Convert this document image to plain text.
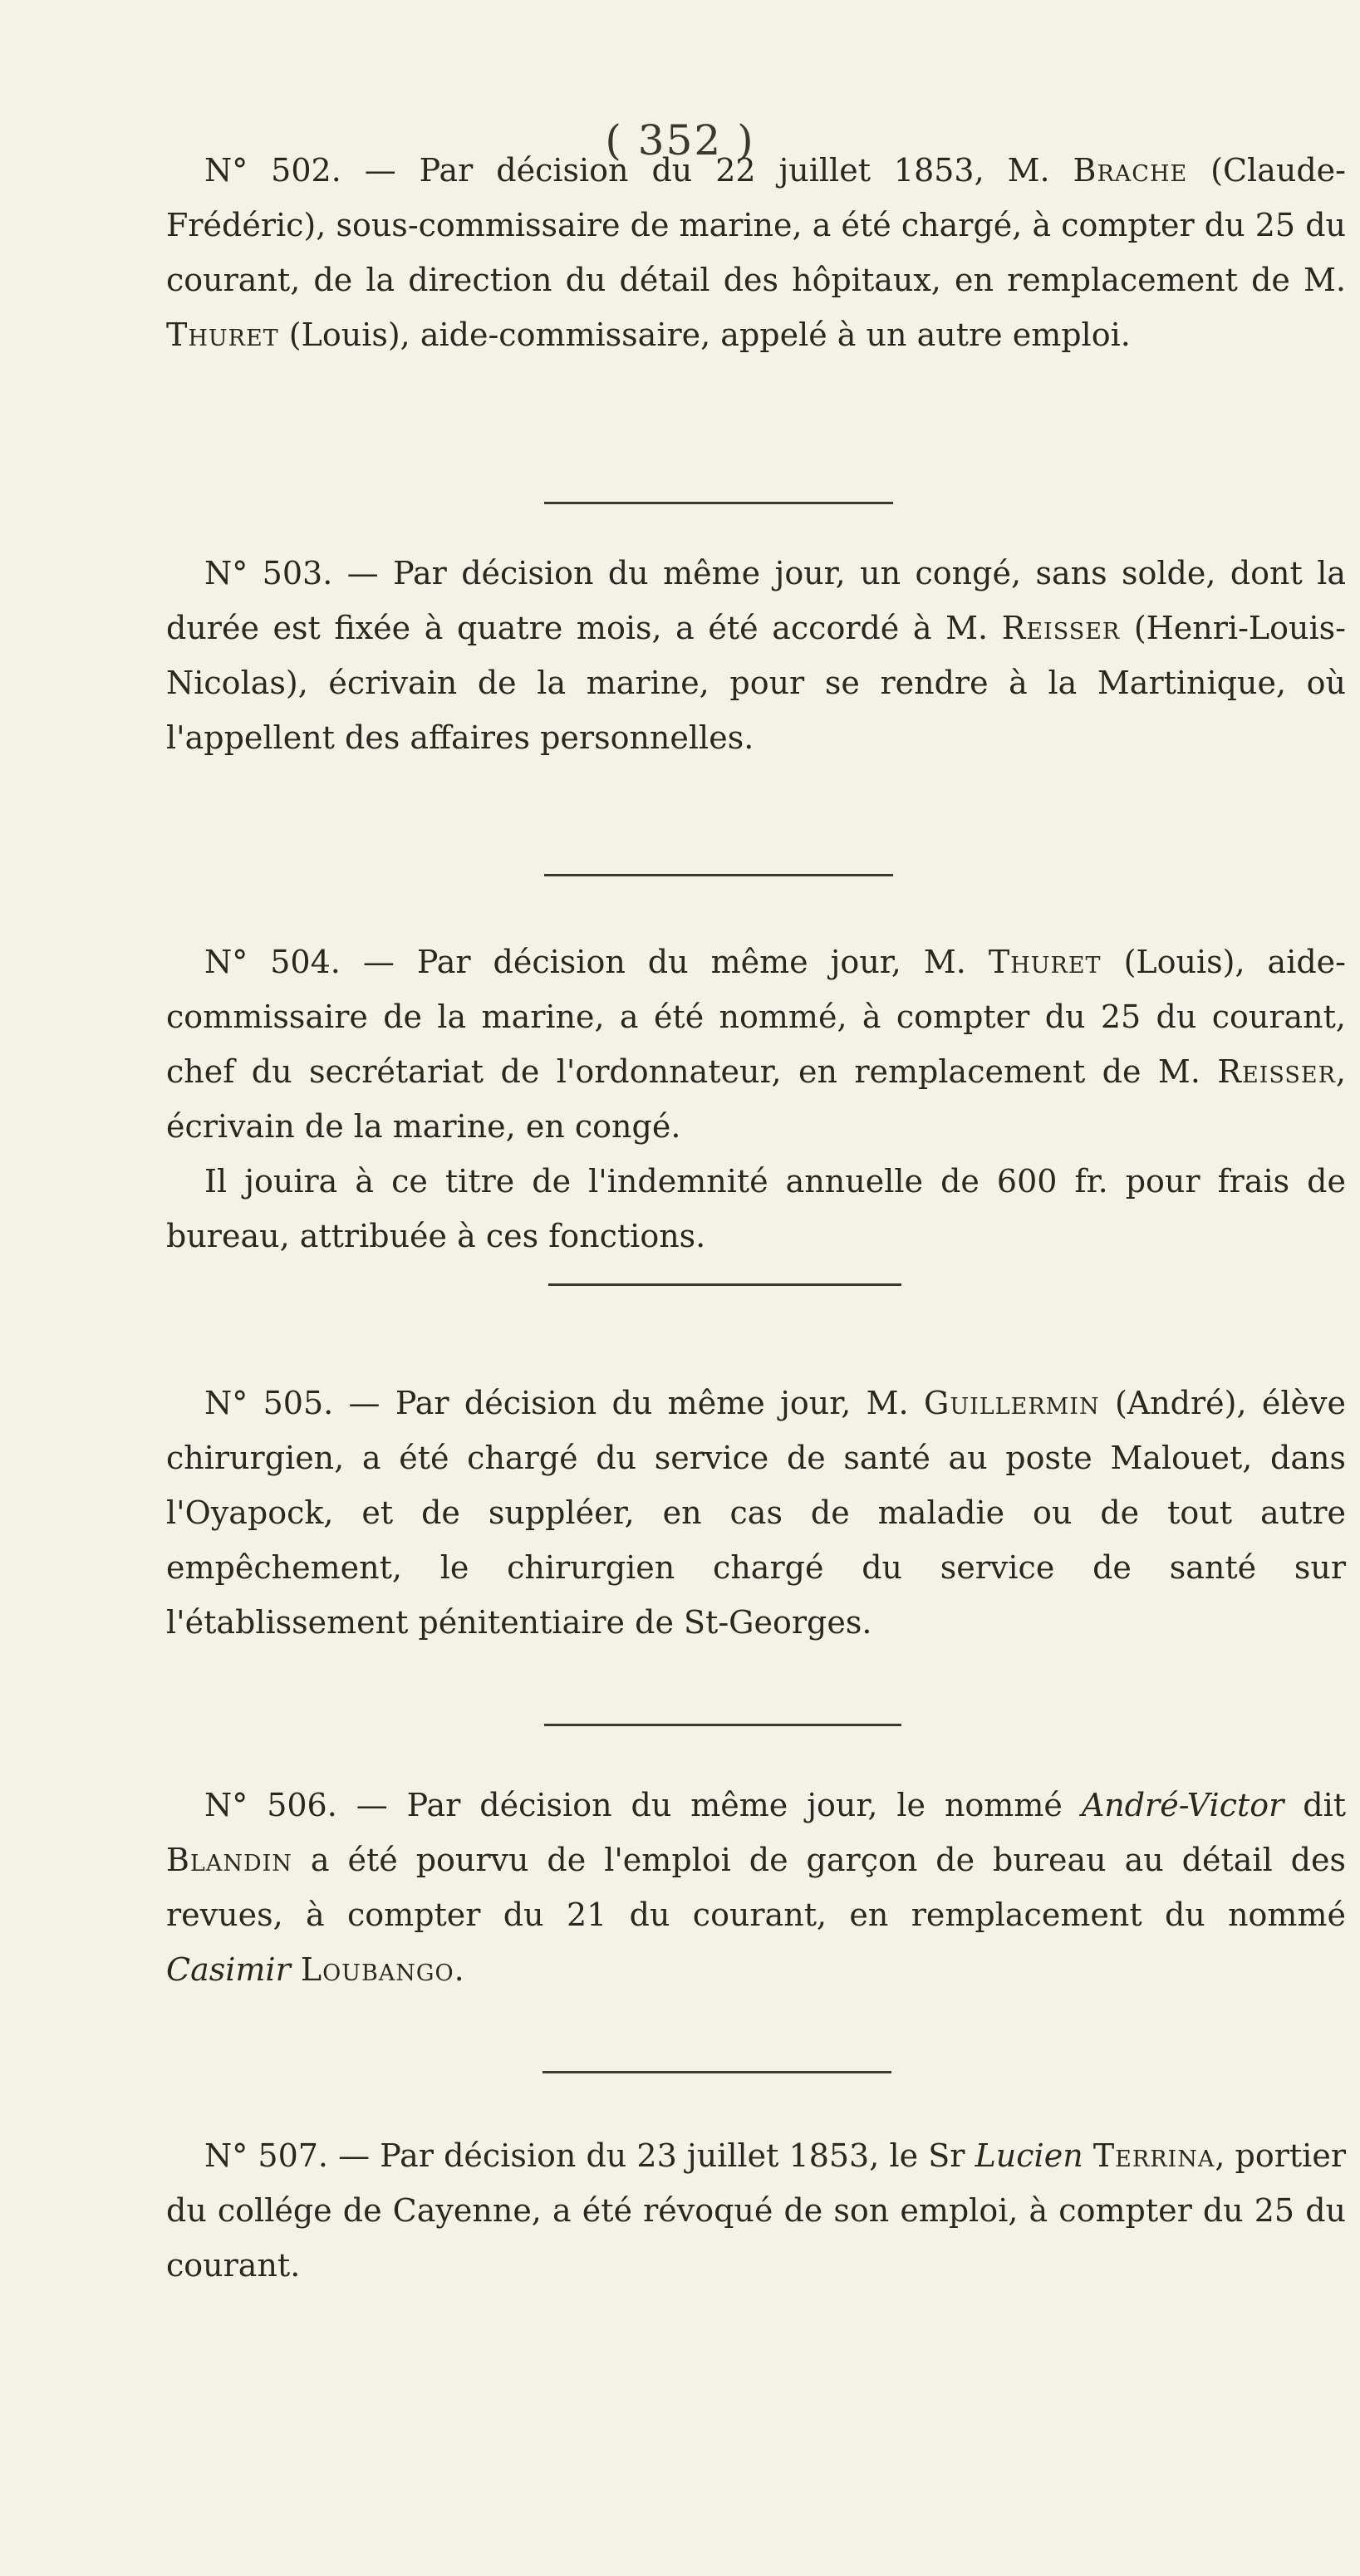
( 352 )

N° 502. — Par décision du 22 juillet 1853, M. Brache (Claude-Frédéric), sous-commissaire de marine, a été chargé, à compter du 25 du courant, de la direction du détail des hôpitaux, en remplacement de M. Thuret (Louis), aide-commissaire, appelé à un autre emploi.

N° 503. — Par décision du même jour, un congé, sans solde, dont la durée est fixée à quatre mois, a été accordé à M. Reisser (Henri-Louis-Nicolas), écrivain de la marine, pour se rendre à la Martinique, où l'appellent des affaires personnelles.

N° 504. — Par décision du même jour, M. Thuret (Louis), aide-commissaire de la marine, a été nommé, à compter du 25 du courant, chef du secrétariat de l'ordonnateur, en remplacement de M. Reisser, écrivain de la marine, en congé.

Il jouira à ce titre de l'indemnité annuelle de 600 fr. pour frais de bureau, attribuée à ces fonctions.

N° 505. — Par décision du même jour, M. Guillermin (André), élève chirurgien, a été chargé du service de santé au poste Malouet, dans l'Oyapock, et de suppléer, en cas de maladie ou de tout autre empêchement, le chirurgien chargé du service de santé sur l'établissement pénitentiaire de St-Georges.

N° 506. — Par décision du même jour, le nommé André-Victor dit Blandin a été pourvu de l'emploi de garçon de bureau au détail des revues, à compter du 21 du courant, en remplacement du nommé Casimir Loubango.

N° 507. — Par décision du 23 juillet 1853, le Sr Lucien Terrina, portier du collége de Cayenne, a été révoqué de son emploi, à compter du 25 du courant.
